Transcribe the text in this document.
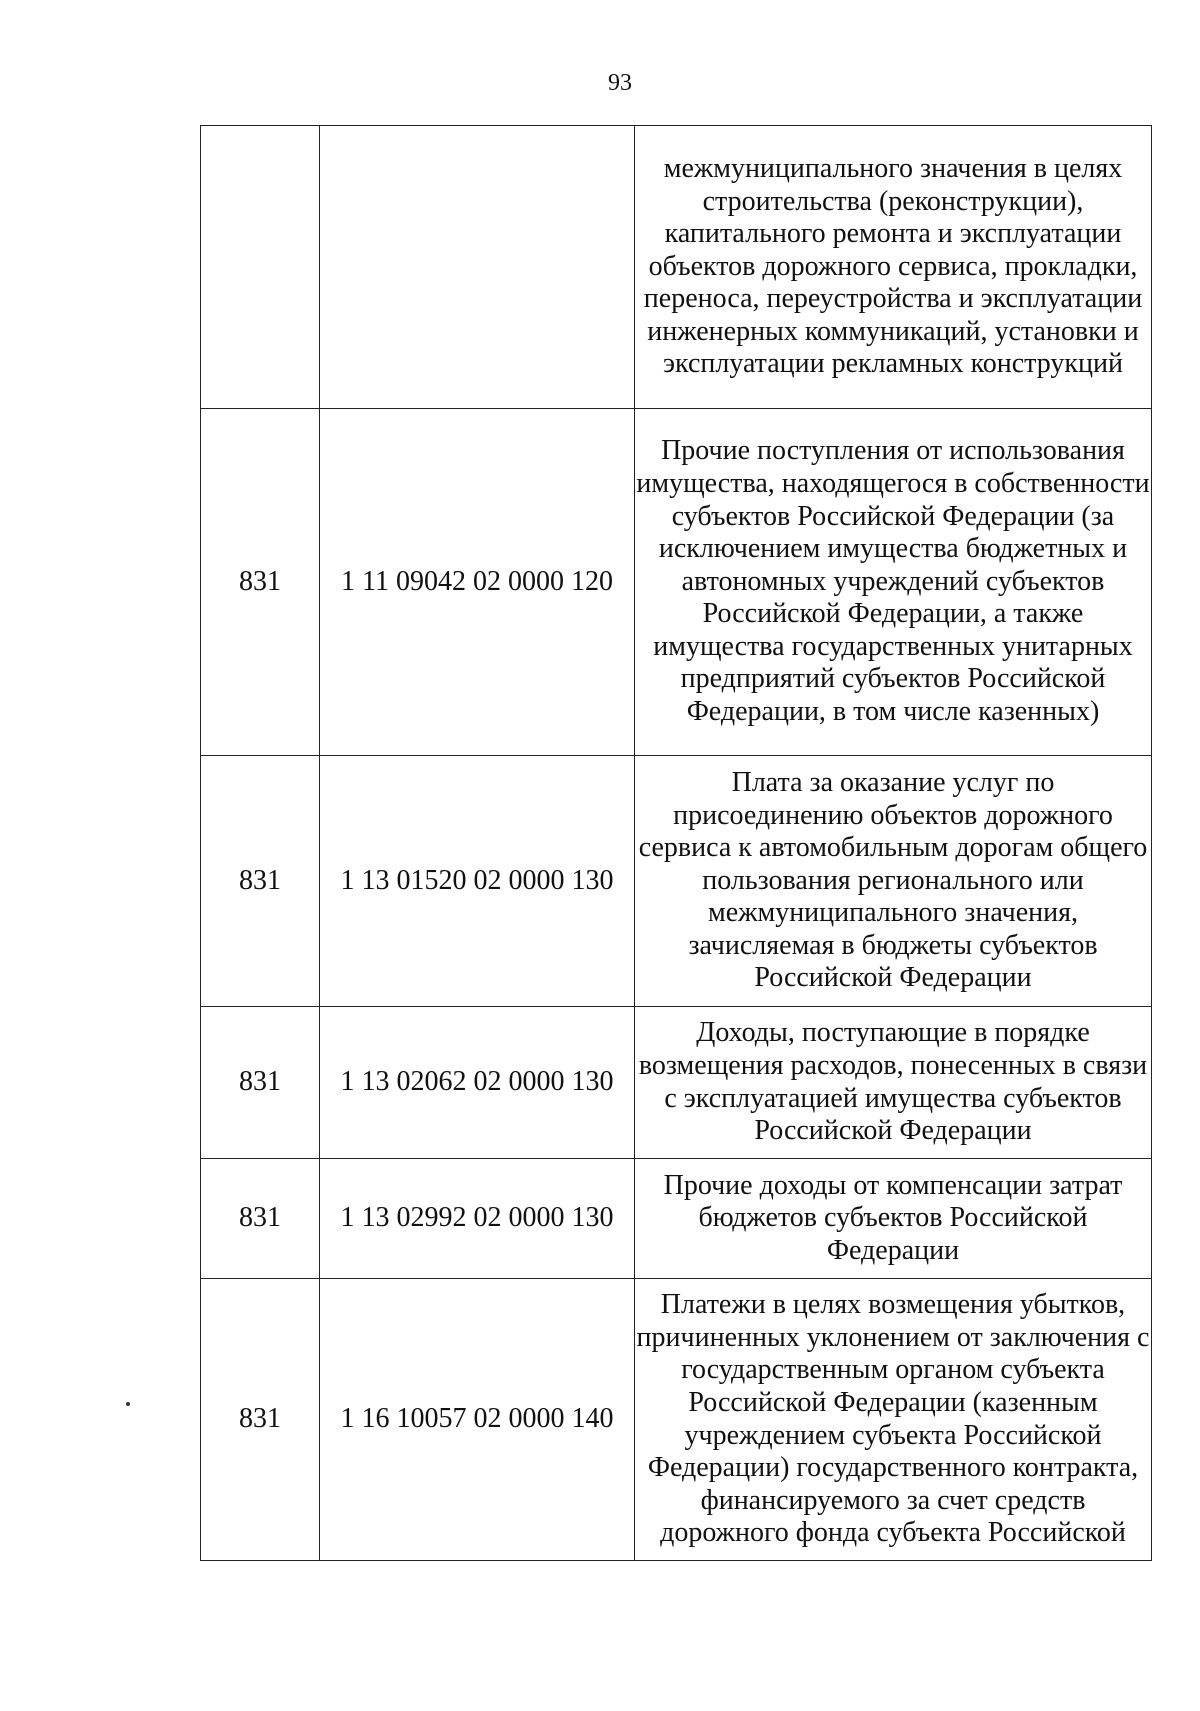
93
		межмуниципального значения в целях строительства (реконструкции), капитального ремонта и эксплуатации объектов дорожного сервиса, прокладки, переноса, переустройства и эксплуатации инженерных коммуникаций, установки и эксплуатации рекламных конструкций
831	1 11 09042 02 0000 120	Прочие поступления от использования имущества, находящегося в собственности субъектов Российской Федерации (за исключением имущества бюджетных и автономных учреждений субъектов Российской Федерации, а также имущества государственных унитарных предприятий субъектов Российской Федерации, в том числе казенных)
831	1 13 01520 02 0000 130	Плата за оказание услуг по присоединению объектов дорожного сервиса к автомобильным дорогам общего пользования регионального или межмуниципального значения, зачисляемая в бюджеты субъектов Российской Федерации
831	1 13 02062 02 0000 130	Доходы, поступающие в порядке возмещения расходов, понесенных в связи с эксплуатацией имущества субъектов Российской Федерации
831	1 13 02992 02 0000 130	Прочие доходы от компенсации затрат бюджетов субъектов Российской Федерации
831	1 16 10057 02 0000 140	Платежи в целях возмещения убытков, причиненных уклонением от заключения с государственным органом субъекта Российской Федерации (казенным учреждением субъекта Российской Федерации) государственного контракта, финансируемого за счет средств дорожного фонда субъекта Российской
